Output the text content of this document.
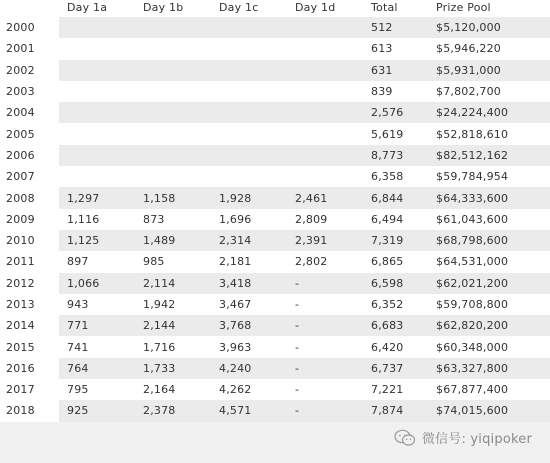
	Day 1a	Day 1b	Day 1c	Day 1d	Total	Prize Pool
2000					512	$5,120,000
2001					613	$5,946,220
2002					631	$5,931,000
2003					839	$7,802,700
2004					2,576	$24,224,400
2005					5,619	$52,818,610
2006					8,773	$82,512,162
2007					6,358	$59,784,954
2008	1,297	1,158	1,928	2,461	6,844	$64,333,600
2009	1,116	873	1,696	2,809	6,494	$61,043,600
2010	1,125	1,489	2,314	2,391	7,319	$68,798,600
2011	897	985	2,181	2,802	6,865	$64,531,000
2012	1,066	2,114	3,418	-	6,598	$62,021,200
2013	943	1,942	3,467	-	6,352	$59,708,800
2014	771	2,144	3,768	-	6,683	$62,820,200
2015	741	1,716	3,963	-	6,420	$60,348,000
2016	764	1,733	4,240	-	6,737	$63,327,800
2017	795	2,164	4,262	-	7,221	$67,877,400
2018	925	2,378	4,571	-	7,874	$74,015,600
微信号: yiqipoker
